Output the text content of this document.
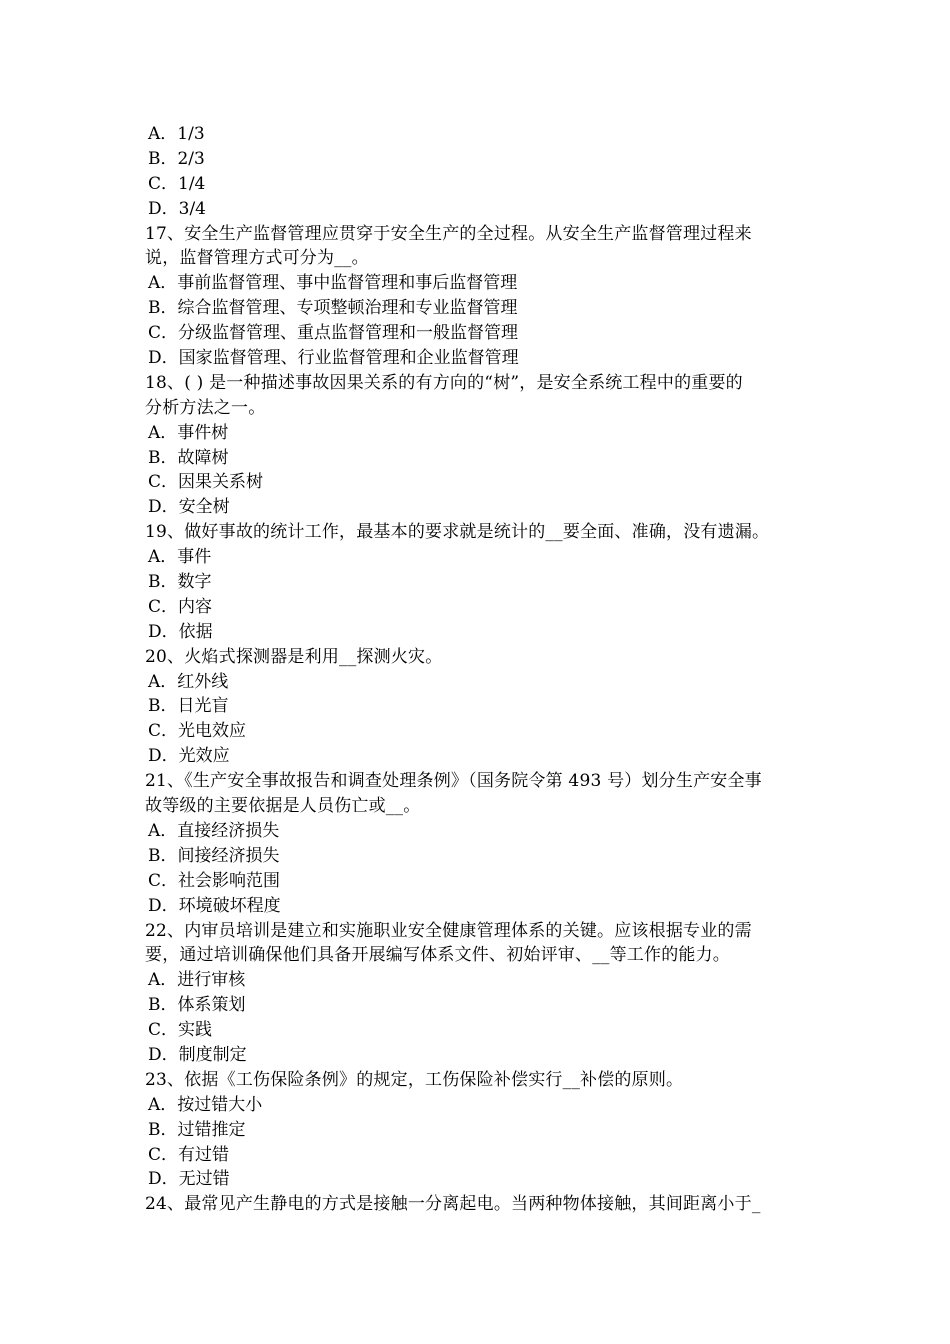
A．1/3
B．2/3
C．1/4
D．3/4
17、安全生产监督管理应贯穿于安全生产的全过程。从安全生产监督管理过程来
说，监督管理方式可分为__。
A．事前监督管理、事中监督管理和事后监督管理
B．综合监督管理、专项整顿治理和专业监督管理
C．分级监督管理、重点监督管理和一般监督管理
D．国家监督管理、行业监督管理和企业监督管理
18、( ) 是一种描述事故因果关系的有方向的“树”，是安全系统工程中的重要的
分析方法之一。
A．事件树
B．故障树
C．因果关系树
D．安全树
19、做好事故的统计工作，最基本的要求就是统计的__要全面、准确，没有遗漏。
A．事件
B．数字
C．内容
D．依据
20、火焰式探测器是利用__探测火灾。
A．红外线
B．日光盲
C．光电效应
D．光效应
21、《生产安全事故报告和调查处理条例》（国务院令第 493 号）划分生产安全事
故等级的主要依据是人员伤亡或__。
A．直接经济损失
B．间接经济损失
C．社会影响范围
D．环境破坏程度
22、内审员培训是建立和实施职业安全健康管理体系的关键。应该根据专业的需
要，通过培训确保他们具备开展编写体系文件、初始评审、__等工作的能力。
A．进行审核
B．体系策划
C．实践
D．制度制定
23、依据《工伤保险条例》的规定，工伤保险补偿实行__补偿的原则。
A．按过错大小
B．过错推定
C．有过错
D．无过错
24、最常见产生静电的方式是接触一分离起电。当两种物体接触，其间距离小于_
